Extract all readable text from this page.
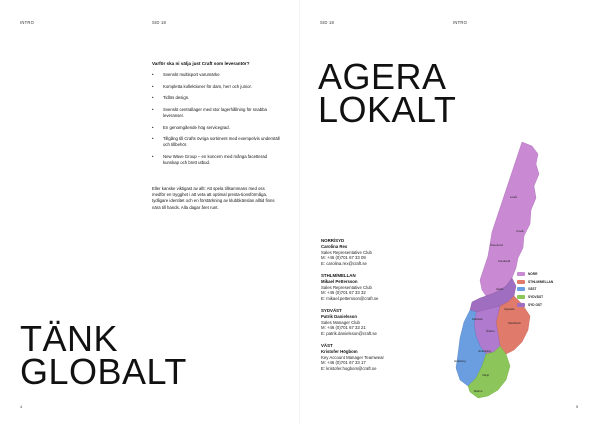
INTRO	SID 18
Varför ska ni välja just Craft som leverantör?
• Svenskt multisport varumärke
• Kompletta kollektioner för dam, herr och junior.
• Tidlös design.
• Svenskt centrallager med stor lagerhållning för snabba leveranser.
• En genomgående hög servicegrad.
• Tillgång till Crafts övriga sortiment med exempelvis underställ och tillbehör.
• New Wave Group – en koncern med många facetterad kunskap och brett utbud.
Eller kanske viktigast av allt: Att spela tillsammans med oss medför en trygghet i att veta att optimal presta-tionsförmåga, tydligare identitet och en förstärkning av klubbkänslan alltid finns nära till hands. Alla dagar året runt.
TÄNK
GLOBALT
4
SID 18	INTRO
AGERA
LOKALT
NORR/SYD
Carolina Rex
Sales Representative Club
M: +46 (0)701 67 33 09
E: carolina.rex@craft.se
STHLM/MELLAN
Mikael Pettersson
Sales Representative Club
M: +46 (0)701 67 33 32
E: mikael.pettersson@craft.se
SYDVÄST
Patrik Danielsson
Sales Manager Club
M: +46 (0)701 67 33 21
E: patrik.danielsson@craft.se
VÄST
Kristofer Högbom
Key Account Manager Teamwear
M: +46 (0)701 67 33 17
E: kristofer.hogbom@craft.se
5
Luleå
Umeå
Östersund
Sundsvall
Gävle
Uppsala
Stockholm
Karlstad
Örebro
Göteborg
Jönköping
Växjö
Malmö
NORR
STHLM/MELLAN
VÄST
SYDVÄST
SYD OST
